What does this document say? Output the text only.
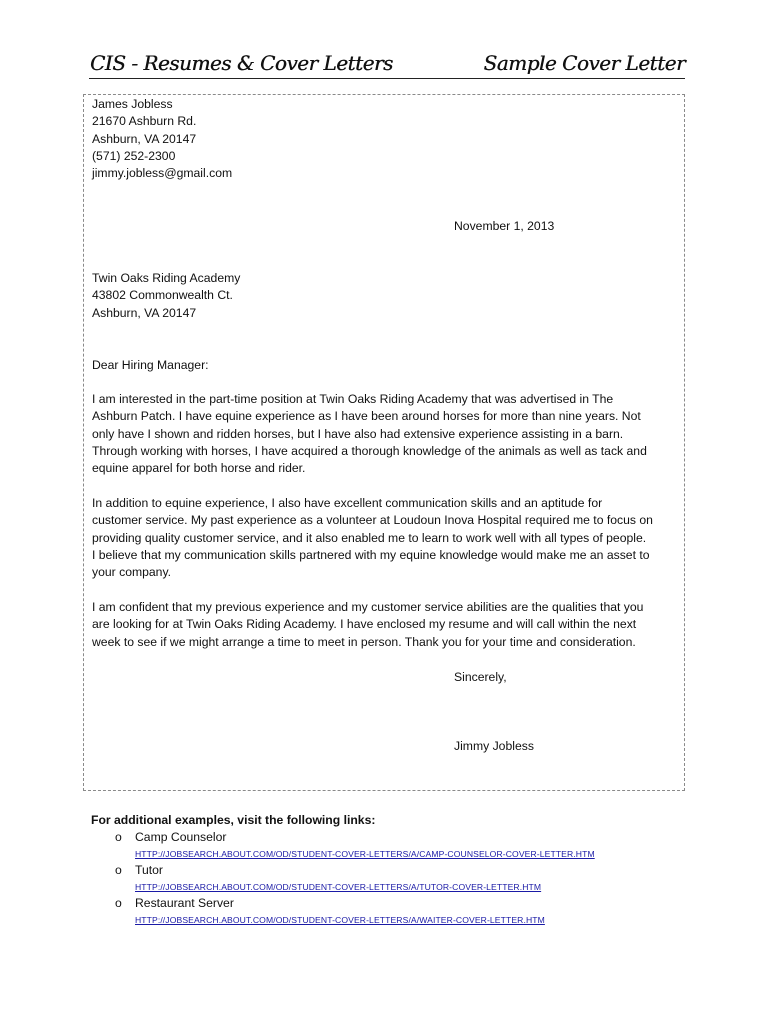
CIS - Resumes & Cover Letters	Sample Cover Letter
James Jobless
21670 Ashburn Rd.
Ashburn, VA 20147
(571) 252-2300
jimmy.jobless@gmail.com
November 1, 2013
Twin Oaks Riding Academy
43802 Commonwealth Ct.
Ashburn, VA 20147
Dear Hiring Manager:
I am interested in the part-time position at Twin Oaks Riding Academy that was advertised in The
Ashburn Patch. I have equine experience as I have been around horses for more than nine years. Not
only have I shown and ridden horses, but I have also had extensive experience assisting in a barn.
Through working with horses, I have acquired a thorough knowledge of the animals as well as tack and
equine apparel for both horse and rider.
In addition to equine experience, I also have excellent communication skills and an aptitude for
customer service. My past experience as a volunteer at Loudoun Inova Hospital required me to focus on
providing quality customer service, and it also enabled me to learn to work well with all types of people.
I believe that my communication skills partnered with my equine knowledge would make me an asset to
your company.
I am confident that my previous experience and my customer service abilities are the qualities that you
are looking for at Twin Oaks Riding Academy. I have enclosed my resume and will call within the next
week to see if we might arrange a time to meet in person. Thank you for your time and consideration.
Sincerely,
Jimmy Jobless
For additional examples, visit the following links:
o Camp Counselor
HTTP://JOBSEARCH.ABOUT.COM/OD/STUDENT-COVER-LETTERS/A/CAMP-COUNSELOR-COVER-LETTER.HTM
o Tutor
HTTP://JOBSEARCH.ABOUT.COM/OD/STUDENT-COVER-LETTERS/A/TUTOR-COVER-LETTER.HTM
o Restaurant Server
HTTP://JOBSEARCH.ABOUT.COM/OD/STUDENT-COVER-LETTERS/A/WAITER-COVER-LETTER.HTM
